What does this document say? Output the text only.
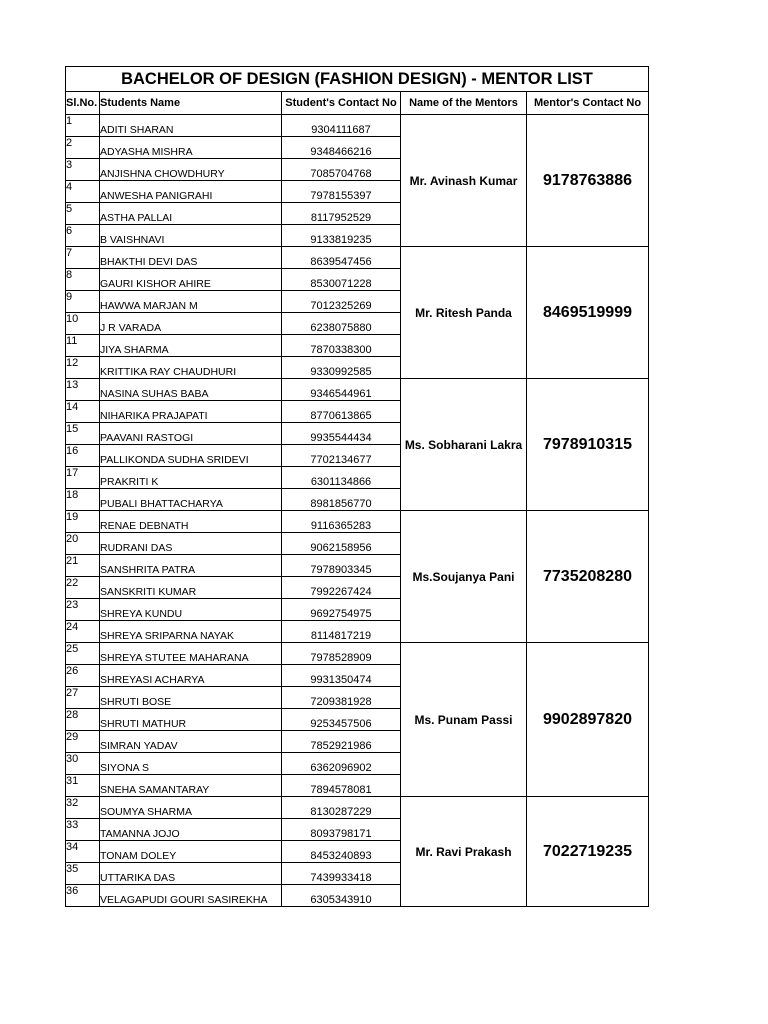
BACHELOR OF DESIGN (FASHION DESIGN) - MENTOR LIST				
Sl.No.	Students Name	Student's Contact No	Name of the Mentors	Mentor's Contact No
1	ADITI SHARAN	9304111687	Mr. Avinash Kumar	9178763886
2	ADYASHA MISHRA	9348466216		
3	ANJISHNA CHOWDHURY	7085704768		
4	ANWESHA PANIGRAHI	7978155397		
5	ASTHA PALLAI	8117952529		
6	B VAISHNAVI	9133819235		
7	BHAKTHI DEVI DAS	8639547456	Mr. Ritesh Panda	8469519999
8	GAURI KISHOR AHIRE	8530071228		
9	HAWWA MARJAN M	7012325269		
10	J R VARADA	6238075880		
11	JIYA SHARMA	7870338300		
12	KRITTIKA RAY CHAUDHURI	9330992585		
13	NASINA SUHAS BABA	9346544961	Ms. Sobharani Lakra	7978910315
14	NIHARIKA PRAJAPATI	8770613865		
15	PAAVANI RASTOGI	9935544434		
16	PALLIKONDA SUDHA SRIDEVI	7702134677		
17	PRAKRITI K	6301134866		
18	PUBALI BHATTACHARYA	8981856770		
19	RENAE DEBNATH	9116365283	Ms.Soujanya Pani	7735208280
20	RUDRANI DAS	9062158956		
21	SANSHRITA PATRA	7978903345		
22	SANSKRITI KUMAR	7992267424		
23	SHREYA KUNDU	9692754975		
24	SHREYA SRIPARNA NAYAK	8114817219		
25	SHREYA STUTEE MAHARANA	7978528909	Ms. Punam Passi	9902897820
26	SHREYASI ACHARYA	9931350474		
27	SHRUTI BOSE	7209381928		
28	SHRUTI MATHUR	9253457506		
29	SIMRAN YADAV	7852921986		
30	SIYONA S	6362096902		
31	SNEHA SAMANTARAY	7894578081		
32	SOUMYA SHARMA	8130287229	Mr. Ravi Prakash	7022719235
33	TAMANNA JOJO	8093798171		
34	TONAM DOLEY	8453240893		
35	UTTARIKA DAS	7439933418		
36	VELAGAPUDI GOURI SASIREKHA	6305343910		
